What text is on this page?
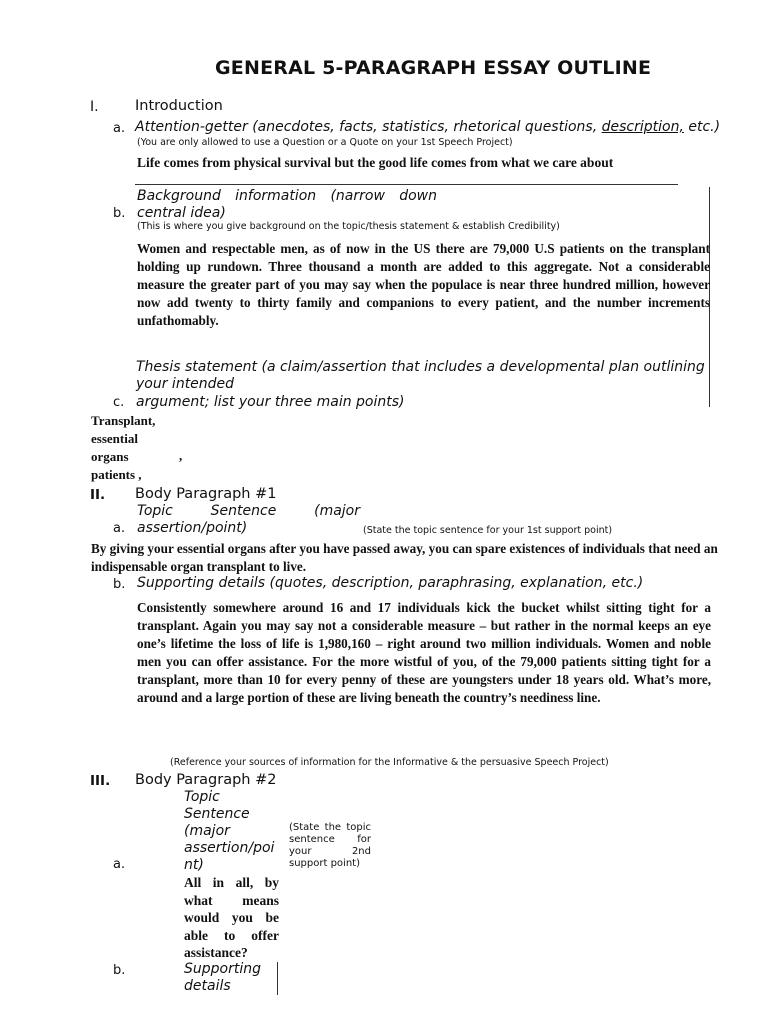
GENERAL 5-PARAGRAPH ESSAY OUTLINE
I.	Introduction
a. Attention-getter (anecdotes, facts, statistics, rhetorical questions, description, etc.)
(You are only allowed to use a Question or a Quote on your 1st Speech Project)
Life comes from physical survival but the good life comes from what we care about
Background information (narrow down
b. central idea)
(This is where you give background on the topic/thesis statement & establish Credibility)
Women and respectable men, as of now in the US there are 79,000 U.S patients on the transplant holding up rundown. Three thousand a month are added to this aggregate. Not a considerable measure the greater part of you may say when the populace is near three hundred million, however now add twenty to thirty family and companions to every patient, and the number increments unfathomably.
Thesis statement (a claim/assertion that includes a developmental plan outlining your intended
c. argument; list your three main points)
Transplant,
essential
organs
patients ,
,
II. Body Paragraph #1
Topic Sentence (major
a. assertion/point)	(State the topic sentence for your 1st support point)
By giving your essential organs after you have passed away, you can spare existences of individuals that need an indispensable organ transplant to live.
b. Supporting details (quotes, description, paraphrasing, explanation, etc.)
Consistently somewhere around 16 and 17 individuals kick the bucket whilst sitting tight for a transplant. Again you may say not a considerable measure – but rather in the normal keeps an eye one’s lifetime the loss of life is 1,980,160 – right around two million individuals. Women and noble men you can offer assistance. For the more wistful of you, of the 79,000 patients sitting tight for a transplant, more than 10 for every penny of these are youngsters under 18 years old. What’s more, around and a large portion of these are living beneath the country’s neediness line.
(Reference your sources of information for the Informative & the persuasive Speech Project)
III. Body Paragraph #2
Topic
Sentence
(major
assertion/poi
nt)
a.
(State the topic
sentence for
your 2nd
support point)
All in all, by what means would you be able to offer assistance?
b.	Supporting
details
